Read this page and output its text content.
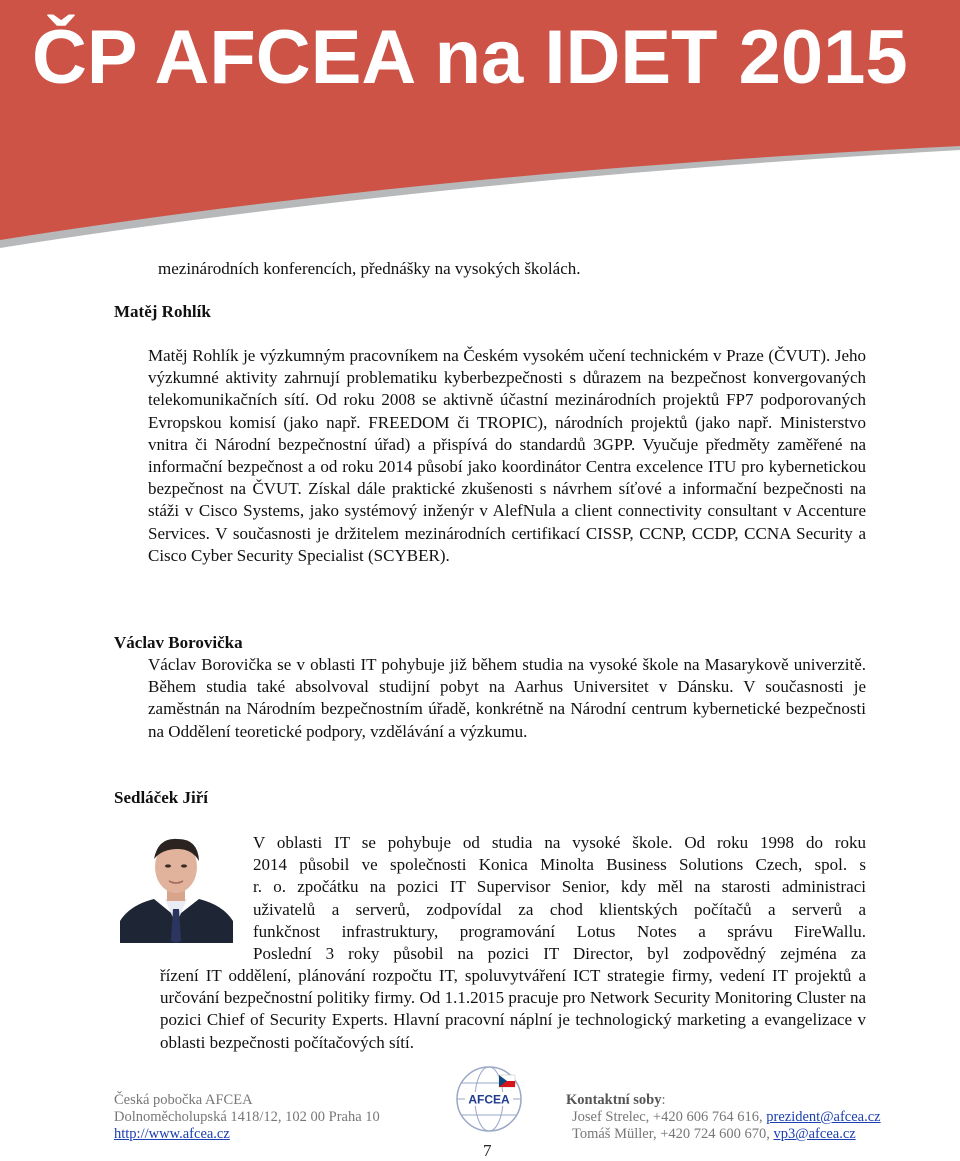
ČP AFCEA na IDET 2015
mezinárodních konferencích, přednášky na vysokých školách.
Matěj Rohlík
Matěj Rohlík je výzkumným pracovníkem na Českém vysokém učení technickém v Praze (ČVUT). Jeho výzkumné aktivity zahrnují problematiku kyberbezpečnosti s důrazem na bezpečnost konvergovaných telekomunikačních sítí. Od roku 2008 se aktivně účastní mezinárodních projektů FP7 podporovaných Evropskou komisí (jako např. FREEDOM či TROPIC), národních projektů (jako např. Ministerstvo vnitra či Národní bezpečnostní úřad) a přispívá do standardů 3GPP. Vyučuje předměty zaměřené na informační bezpečnost a od roku 2014 působí jako koordinátor Centra excelence ITU pro kybernetickou bezpečnost na ČVUT. Získal dále praktické zkušenosti s návrhem síťové a informační bezpečnosti na stáži v Cisco Systems, jako systémový inženýr v AlefNula a client connectivity consultant v Accenture Services. V současnosti je držitelem mezinárodních certifikací CISSP, CCNP, CCDP, CCNA Security a Cisco Cyber Security Specialist (SCYBER).
Václav Borovička
Václav Borovička se v oblasti IT pohybuje již během studia na vysoké škole na Masarykově univerzitě. Během studia také absolvoval studijní pobyt na Aarhus Universitet v Dánsku. V současnosti je zaměstnán na Národním bezpečnostním úřadě, konkrétně na Národní centrum kybernetické bezpečnosti na Oddělení teoretické podpory, vzdělávání a výzkumu.
Sedláček Jiří
V oblasti IT se pohybuje od studia na vysoké škole. Od roku 1998 do roku
2014 působil ve společnosti Konica Minolta Business Solutions Czech, spol. s
r. o. zpočátku na pozici IT Supervisor Senior, kdy měl na starosti administraci
uživatelů a serverů, zodpovídal za chod klientských počítačů a serverů a
funkčnost infrastruktury, programování Lotus Notes a správu FireWallu.
Poslední 3 roky působil na pozici IT Director, byl zodpovědný zejména za
řízení IT oddělení, plánování rozpočtu IT, spoluvytváření ICT strategie firmy, vedení IT projektů a určování bezpečnostní politiky firmy. Od 1.1.2015 pracuje pro Network Security Monitoring Cluster na pozici Chief of Security Experts. Hlavní pracovní náplní je technologický marketing a evangelizace v oblasti bezpečnosti počítačových sítí.
Česká pobočka AFCEA
Dolnoměcholupská 1418/12, 102 00 Praha 10
http://www.afcea.cz
AFCEA
7
Kontaktní soby:
Josef Strelec, +420 606 764 616, prezident@afcea.cz
Tomáš Müller, +420 724 600 670, vp3@afcea.cz
